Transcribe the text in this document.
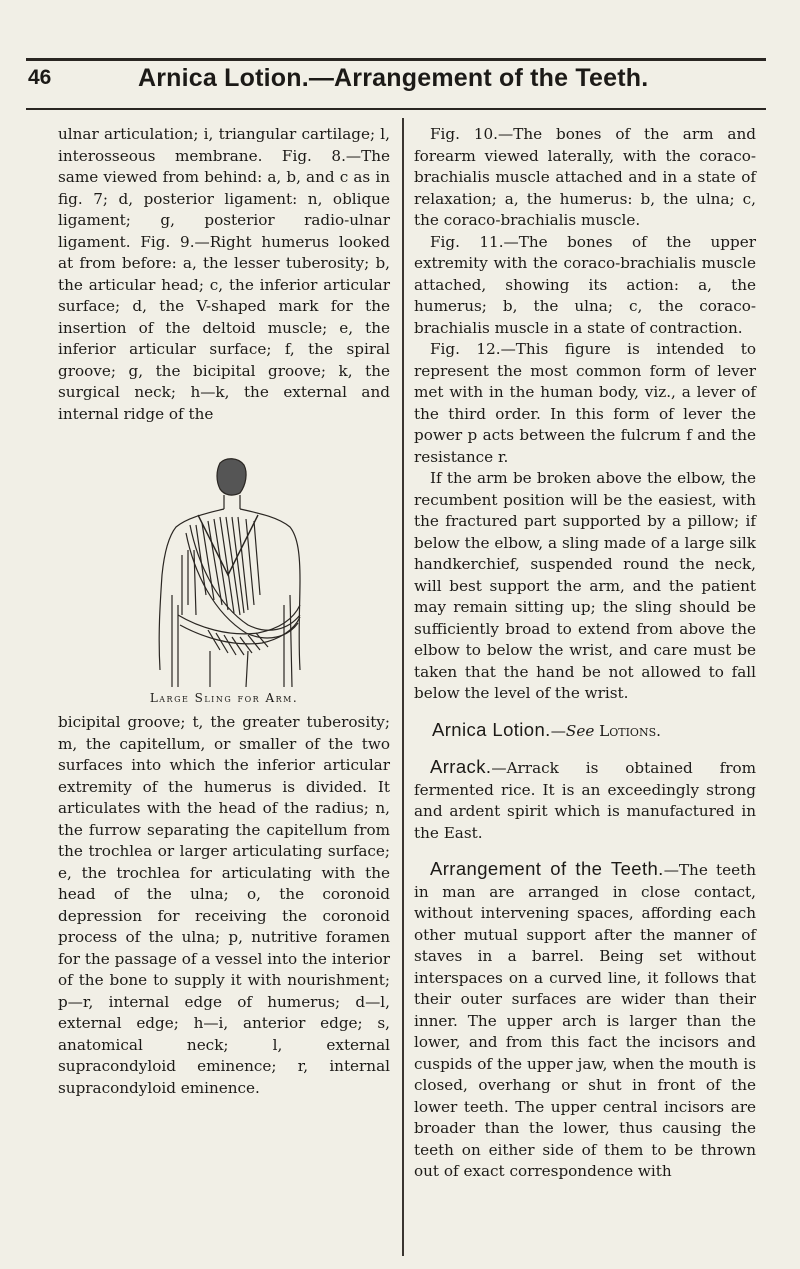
46	Arnica Lotion.—Arrangement of the Teeth.

ulnar articulation; i, triangular cartilage; l, interosseous membrane. Fig. 8.—The same viewed from behind: a, b, and c as in fig. 7; d, posterior ligament: n, oblique ligament; g, posterior radio-ulnar ligament. Fig. 9.—Right humerus looked at from before: a, the lesser tuberosity; b, the articular head; c, the inferior articular surface; d, the V-shaped mark for the insertion of the deltoid muscle; e, the inferior articular surface; f, the spiral groove; g, the bicipital groove; k, the surgical neck; h—k, the external and internal ridge of the

Large Sling for Arm.

bicipital groove; t, the greater tuberosity; m, the capitellum, or smaller of the two surfaces into which the inferior articular extremity of the humerus is divided. It articulates with the head of the radius; n, the furrow separating the capitellum from the trochlea or larger articulating surface; e, the trochlea for articulating with the head of the ulna; o, the coronoid depression for receiving the coronoid process of the ulna; p, nutritive foramen for the passage of a vessel into the interior of the bone to supply it with nourishment; p—r, internal edge of humerus; d—l, external edge; h—i, anterior edge; s, anatomical neck; l, external supracondyloid eminence; r, internal supracondyloid eminence.

Fig. 10.—The bones of the arm and forearm viewed laterally, with the coraco-brachialis muscle attached and in a state of relaxation; a, the humerus: b, the ulna; c, the coraco-brachialis muscle.

Fig. 11.—The bones of the upper extremity with the coraco-brachialis muscle attached, showing its action: a, the humerus; b, the ulna; c, the coraco-brachialis muscle in a state of contraction.

Fig. 12.—This figure is intended to represent the most common form of lever met with in the human body, viz., a lever of the third order. In this form of lever the power p acts between the fulcrum f and the resistance r.

If the arm be broken above the elbow, the recumbent position will be the easiest, with the fractured part supported by a pillow; if below the elbow, a sling made of a large silk handkerchief, suspended round the neck, will best support the arm, and the patient may remain sitting up; the sling should be sufficiently broad to extend from above the elbow to below the wrist, and care must be taken that the hand be not allowed to fall below the level of the wrist.

Arnica Lotion.—See Lotions.

Arrack.—Arrack is obtained from fermented rice. It is an exceedingly strong and ardent spirit which is manufactured in the East.

Arrangement of the Teeth.—The teeth in man are arranged in close contact, without intervening spaces, affording each other mutual support after the manner of staves in a barrel. Being set without interspaces on a curved line, it follows that their outer surfaces are wider than their inner. The upper arch is larger than the lower, and from this fact the incisors and cuspids of the upper jaw, when the mouth is closed, overhang or shut in front of the lower teeth. The upper central incisors are broader than the lower, thus causing the teeth on either side of them to be thrown out of exact correspondence with
